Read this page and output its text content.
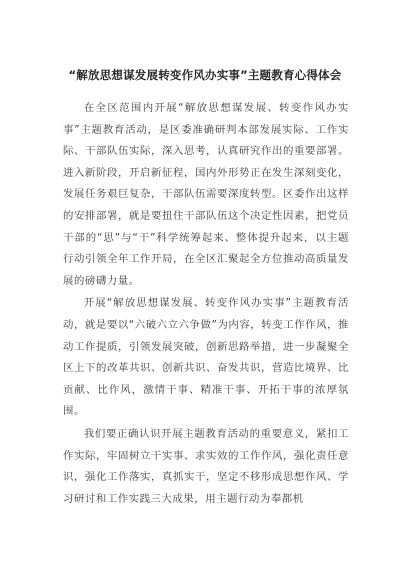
“解放思想谋发展转变作风办实事”主题教育心得体会

在全区范围内开展“解放思想谋发展、转变作风办实事”主题教育活动，是区委准确研判本部发展实际、工作实际、干部队伍实际，深入思考，认真研究作出的重要部署。进入新阶段，开启新征程，国内外形势正在发生深刻变化，发展任务艰巨复杂，干部队伍需要深度转型。区委作出这样的安排部署，就是要扭住干部队伍这个决定性因素，把党员干部的“思”与“干”科学统筹起来、整体提升起来，以主题行动引领全年工作开局，在全区汇聚起全方位推动高质量发展的磅礴力量。

开展“解放思想谋发展、转变作风办实事”主题教育活动，就是要以“六破六立六争做”为内容，转变工作作风，推动工作提质，引领发展突破，创新思路举措，进一步凝聚全区上下的改革共识、创新共识、奋发共识，营造比境界、比贡献、比作风，激情干事、精准干事、开拓干事的浓厚氛围。

我们要正确认识开展主题教育活动的重要意义，紧扣工作实际，牢固树立干实事、求实效的工作作风，强化责任意识，强化工作落实，真抓实干，坚定不移形成思想作风、学习研讨和工作实践三大成果，用主题行动为奉都机
